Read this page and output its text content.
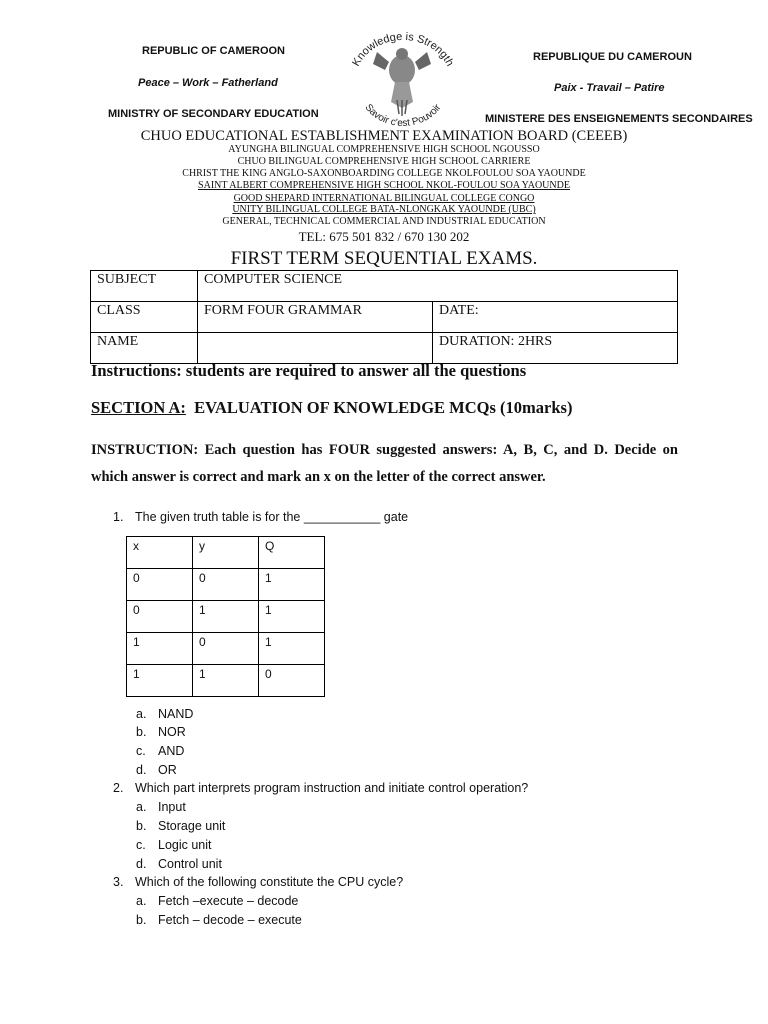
REPUBLIC OF CAMEROON
Peace – Work – Fatherland
MINISTRY OF SECONDARY EDUCATION
REPUBLIQUE DU CAMEROUN
Paix - Travail – Patire
MINISTERE DES ENSEIGNEMENTS SECONDAIRES
Knowledge is Strength
Savoir c'est Pouvoir
CHUO EDUCATIONAL ESTABLISHMENT EXAMINATION BOARD (CEEEB)
AYUNGHA BILINGUAL COMPREHENSIVE HIGH SCHOOL NGOUSSO
CHUO BILINGUAL COMPREHENSIVE HIGH SCHOOL CARRIERE
CHRIST THE KING ANGLO-SAXONBOARDING COLLEGE NKOLFOULOU SOA YAOUNDE
SAINT ALBERT COMPREHENSIVE HIGH SCHOOL NKOL-FOULOU SOA YAOUNDE
GOOD SHEPARD INTERNATIONAL BILINGUAL COLLEGE CONGO
UNITY BILINGUAL COLLEGE BATA-NLONGKAK YAOUNDE (UBC)
GENERAL, TECHNICAL COMMERCIAL AND INDUSTRIAL EDUCATION
TEL: 675 501 832 / 670 130 202
FIRST TERM SEQUENTIAL EXAMS.
SUBJECT	COMPUTER SCIENCE	
CLASS	FORM FOUR GRAMMAR	DATE:
NAME		DURATION: 2HRS
Instructions: students are required to answer all the questions
SECTION A: EVALUATION OF KNOWLEDGE MCQs (10marks)
INSTRUCTION: Each question has FOUR suggested answers: A, B, C, and D. Decide on which answer is correct and mark an x on the letter of the correct answer.
1. The given truth table is for the ___________ gate
x	y	Q
0	0	1
0	1	1
1	0	1
1	1	0
a. NAND
b. NOR
c. AND
d. OR
2. Which part interprets program instruction and initiate control operation?
a. Input
b. Storage unit
c. Logic unit
d. Control unit
3. Which of the following constitute the CPU cycle?
a. Fetch –execute – decode
b. Fetch – decode – execute
